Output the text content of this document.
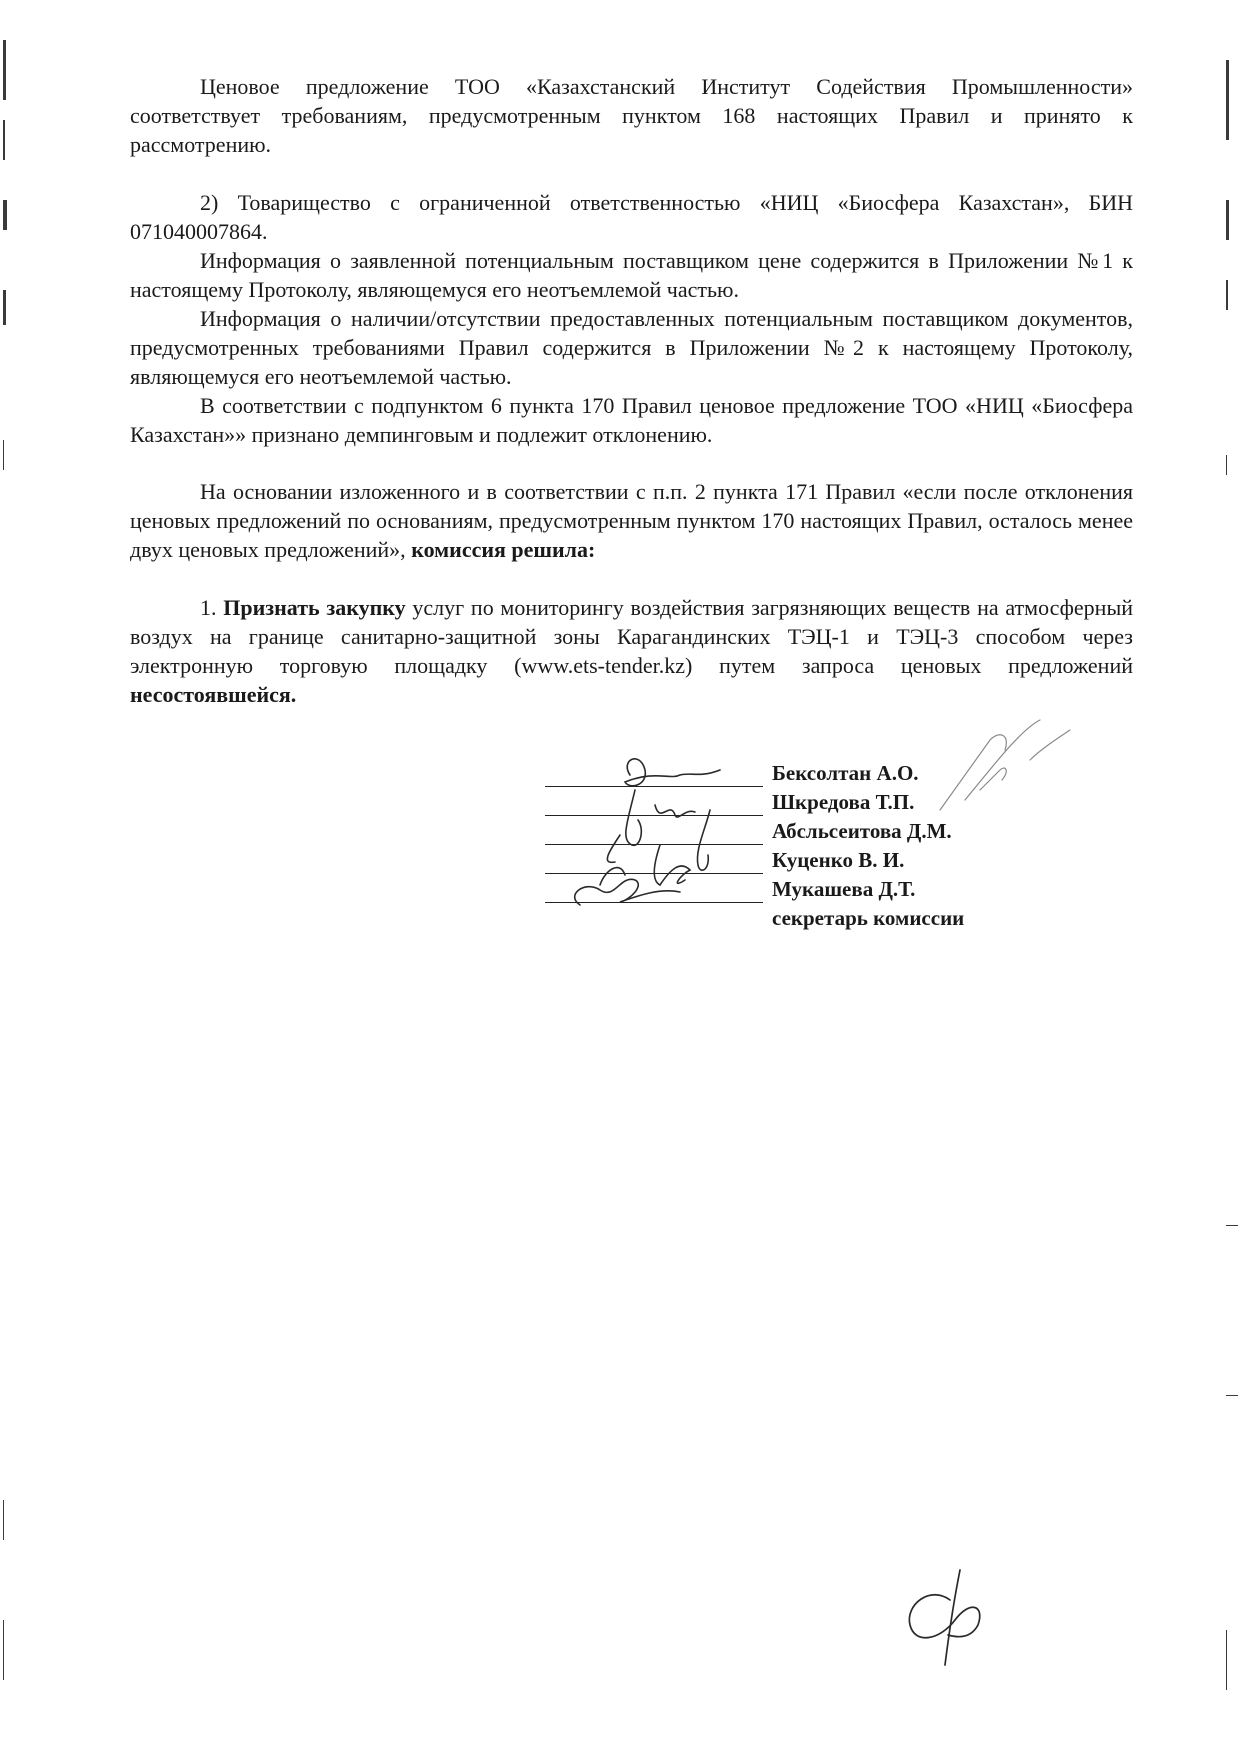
Ценовое предложение ТОО «Казахстанский Институт Содействия Промышленности» соответствует требованиям, предусмотренным пунктом 168 настоящих Правил и принято к рассмотрению.

2) Товарищество с ограниченной ответственностью «НИЦ «Биосфера Казахстан», БИН 071040007864.

Информация о заявленной потенциальным поставщиком цене содержится в Приложении №1 к настоящему Протоколу, являющемуся его неотъемлемой частью.

Информация о наличии/отсутствии предоставленных потенциальным поставщиком документов, предусмотренных требованиями Правил содержится в Приложении №2 к настоящему Протоколу, являющемуся его неотъемлемой частью.

В соответствии с подпунктом 6 пункта 170 Правил ценовое предложение ТОО «НИЦ «Биосфера Казахстан»» признано демпинговым и подлежит отклонению.

На основании изложенного и в соответствии с п.п. 2 пункта 171 Правил «если после отклонения ценовых предложений по основаниям, предусмотренным пунктом 170 настоящих Правил, осталось менее двух ценовых предложений», комиссия решила:

1. Признать закупку услуг по мониторингу воздействия загрязняющих веществ на атмосферный воздух на границе санитарно-защитной зоны Карагандинских ТЭЦ-1 и ТЭЦ-3 способом через электронную торговую площадку (www.ets-tender.kz) путем запроса ценовых предложений несостоявшейся.

Бексолтан А.О.
Шкредова Т.П.
Абсльсеитова Д.М.
Куценко В. И.
Мукашева Д.Т.
секретарь комиссии
